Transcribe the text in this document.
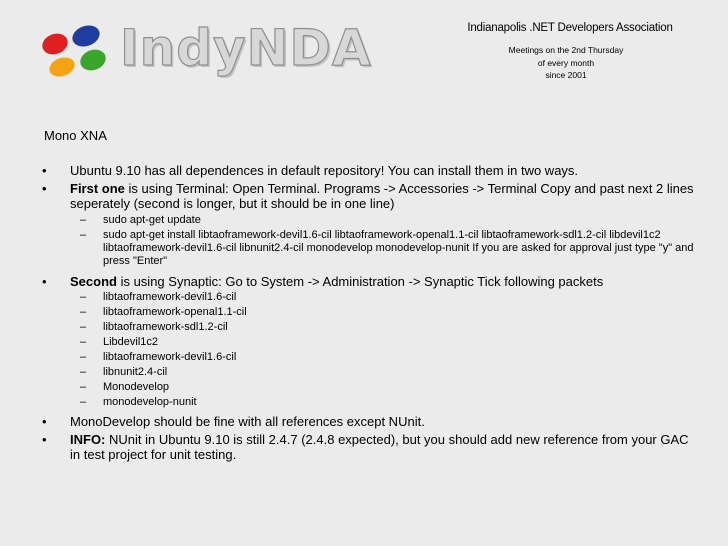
IndyNDA	Indianapolis .NET Developers Association
Meetings on the 2nd Thursday
of every month
since 2001
Mono XNA
• Ubuntu 9.10 has all dependences in default repository! You can install them in two ways.
• First one is using Terminal: Open Terminal. Programs -> Accessories -> Terminal Copy and past next 2 lines seperately (second is longer, but it should be in one line)
– sudo apt-get update
– sudo apt-get install libtaoframework-devil1.6-cil libtaoframework-openal1.1-cil libtaoframework-sdl1.2-cil libdevil1c2 libtaoframework-devil1.6-cil libnunit2.4-cil monodevelop monodevelop-nunit If you are asked for approval just type "y" and press "Enter"
• Second is using Synaptic: Go to System -> Administration -> Synaptic Tick following packets
– libtaoframework-devil1.6-cil
– libtaoframework-openal1.1-cil
– libtaoframework-sdl1.2-cil
– Libdevil1c2
– libtaoframework-devil1.6-cil
– libnunit2.4-cil
– Monodevelop
– monodevelop-nunit
• MonoDevelop should be fine with all references except NUnit.
• INFO: NUnit in Ubuntu 9.10 is still 2.4.7 (2.4.8 expected), but you should add new reference from your GAC in test project for unit testing.
